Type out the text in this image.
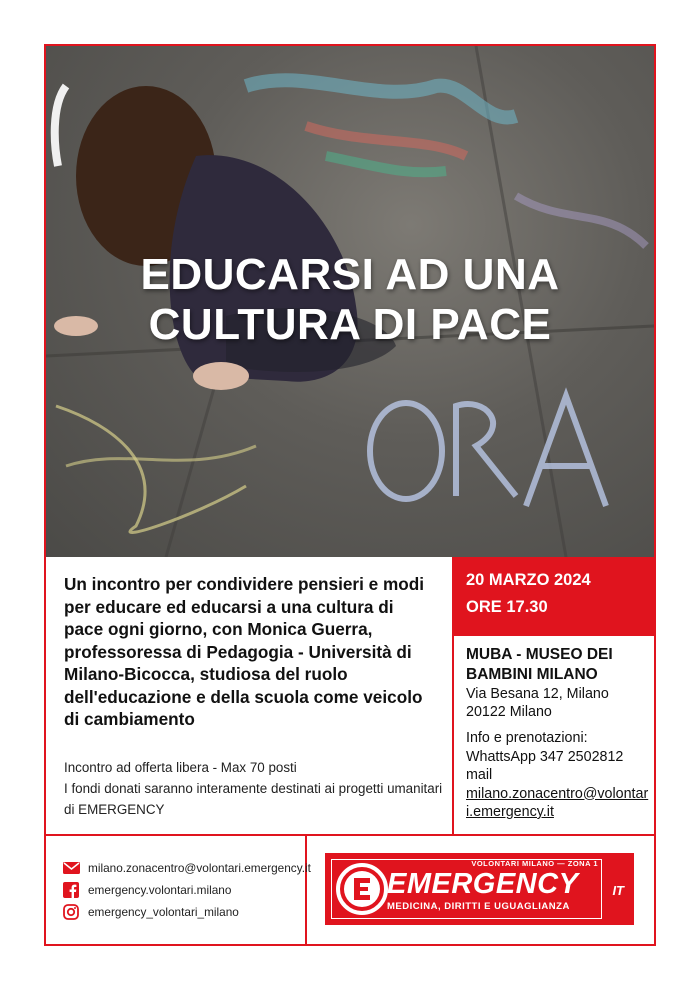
EDUCARSI AD UNA
CULTURA DI PACE
Un incontro per condividere pensieri e modi per educare ed educarsi a una cultura di pace ogni giorno, con Monica Guerra, professoressa di Pedagogia - Università di Milano-Bicocca, studiosa del ruolo dell'educazione e della scuola come veicolo di cambiamento
Incontro ad offerta libera - Max 70 posti
I fondi donati saranno interamente destinati ai progetti umanitari di EMERGENCY
20 MARZO 2024
ORE 17.30
MUBA - MUSEO DEI BAMBINI MILANO
Via Besana 12, Milano
20122 Milano
Info e prenotazioni:
WhattsApp 347 2502812
mail
milano.zonacentro@volontari.emergency.it
milano.zonacentro@volontari.emergency.it
emergency.volontari.milano
emergency_volontari_milano
VOLONTARI MILANO — ZONA 1
EMERGENCY
MEDICINA, DIRITTI E UGUAGLIANZA
IT
